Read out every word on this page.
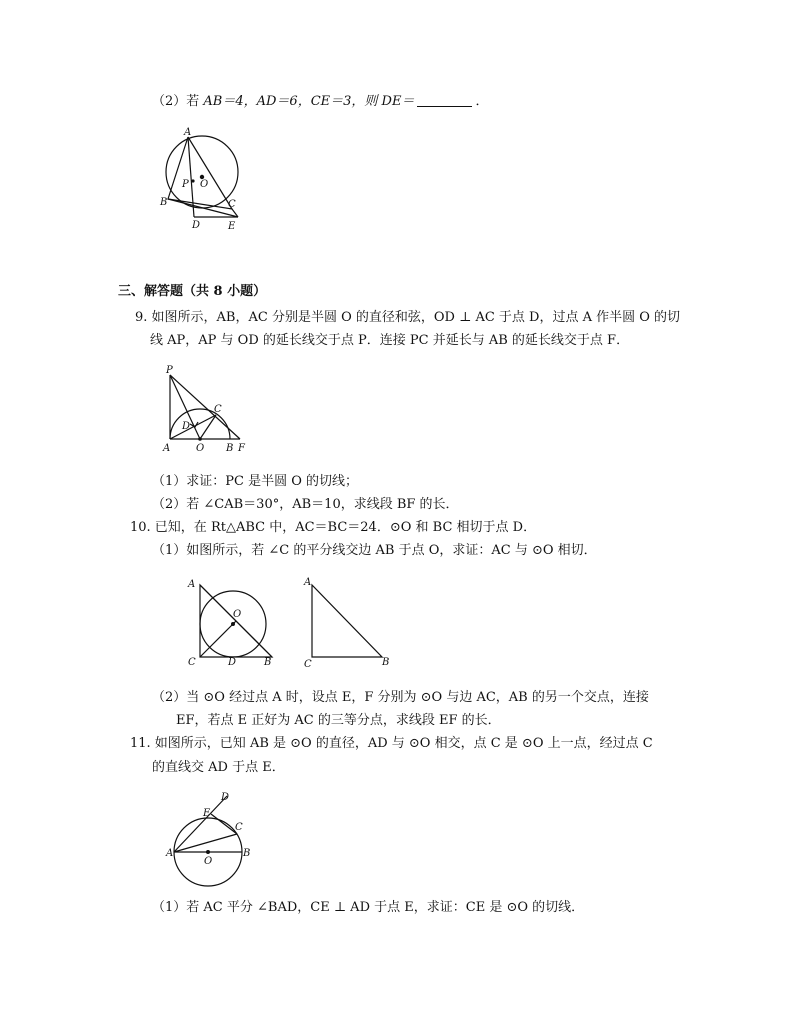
（2）若 AB＝4，AD＝6，CE＝3，则 DE＝	．
A
P O
B	C
D	E
三、解答题（共 8 小题）
9. 如图所示，AB，AC 分别是半圆 O 的直径和弦，OD ⊥ AC 于点 D，过点 A 作半圆 O 的切
线 AP，AP 与 OD 的延长线交于点 P．连接 PC 并延长与 AB 的延长线交于点 F．
P
C
D
A	O B F
（1）求证：PC 是半圆 O 的切线；
（2）若 ∠CAB＝30°，AB＝10，求线段 BF 的长．
10. 已知，在 Rt△ABC 中，AC＝BC＝24．⊙O 和 BC 相切于点 D．
（1）如图所示，若 ∠C 的平分线交边 AB 于点 O，求证：AC 与 ⊙O 相切．
A
O
C	D	B
A
C	B
（2）当 ⊙O 经过点 A 时，设点 E，F 分别为 ⊙O 与边 AC，AB 的另一个交点，连接
EF，若点 E 正好为 AC 的三等分点，求线段 EF 的长．
11. 如图所示，已知 AB 是 ⊙O 的直径，AD 与 ⊙O 相交，点 C 是 ⊙O 上一点，经过点 C
的直线交 AD 于点 E．
D
E
C
A
O
B
（1）若 AC 平分 ∠BAD，CE ⊥ AD 于点 E，求证：CE 是 ⊙O 的切线．
